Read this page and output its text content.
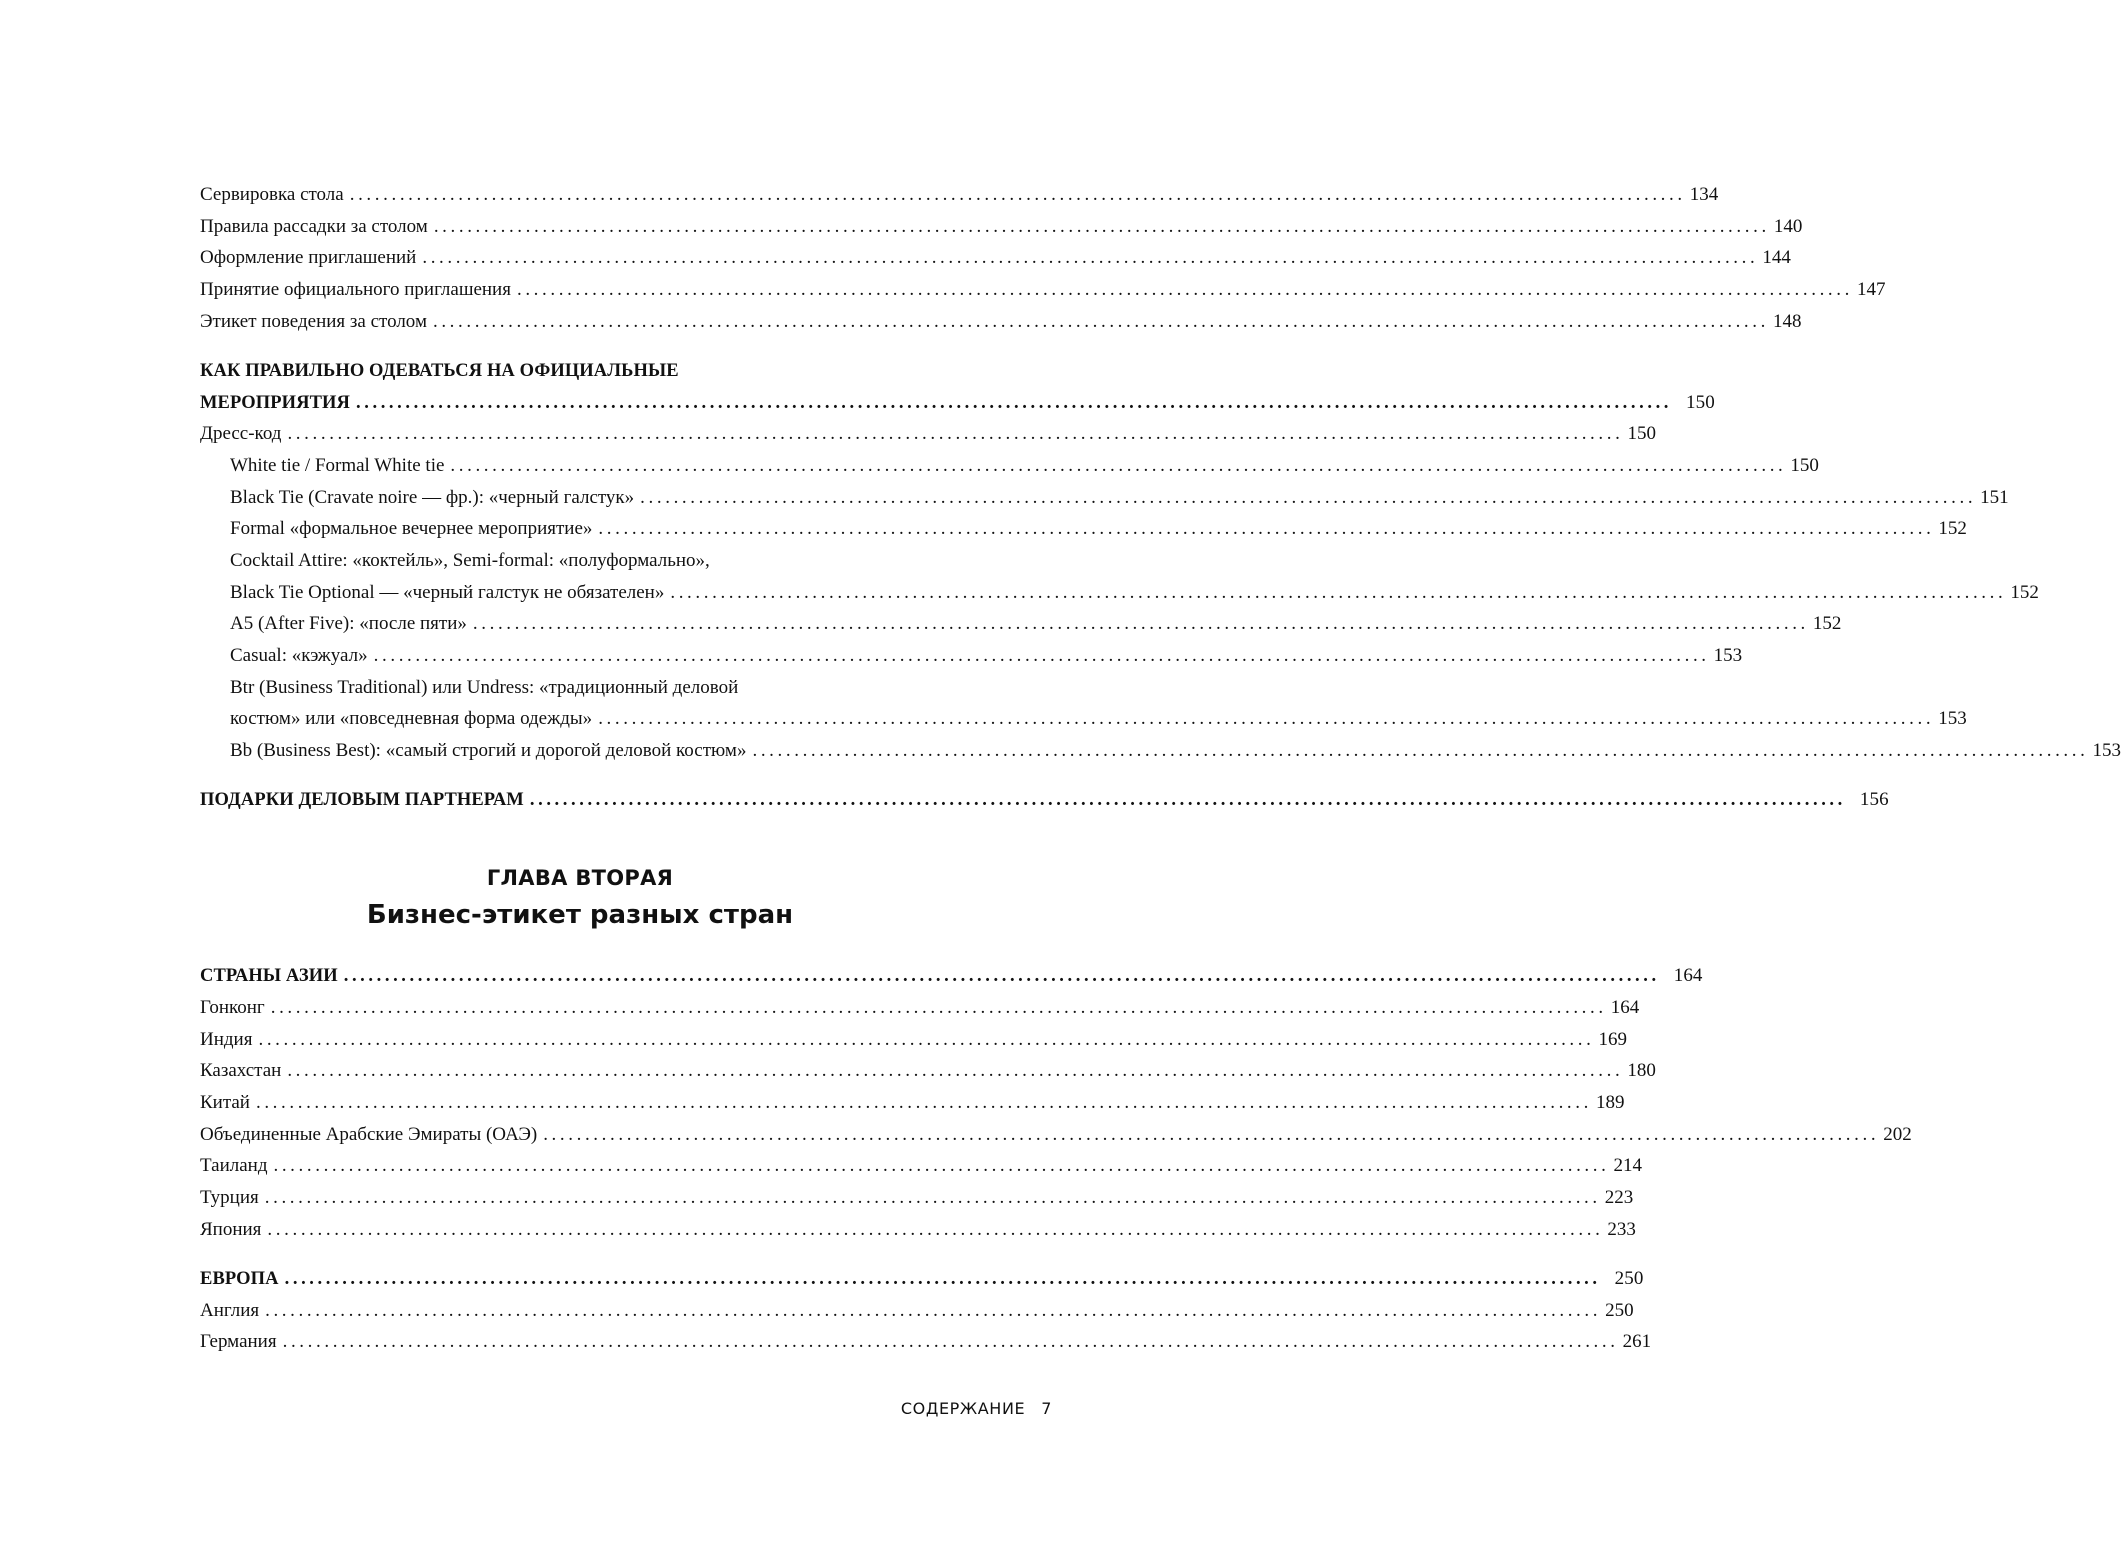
Сервировка стола ................................................................................................................................................................ 134
Правила рассадки за столом ................................................................................................................................................................ 140
Оформление приглашений ................................................................................................................................................................ 144
Принятие официального приглашения ................................................................................................................................................................ 147
Этикет поведения за столом ................................................................................................................................................................ 148
КАК ПРАВИЛЬНО ОДЕВАТЬСЯ НА ОФИЦИАЛЬНЫЕ
МЕРОПРИЯТИЯ ................................................................................................................................................................ 150
Дресс-код ................................................................................................................................................................ 150
White tie / Formal White tie ................................................................................................................................................................ 150
Black Tie (Cravate noire — фр.): «черный галстук» ................................................................................................................................................................ 151
Formal «формальное вечернее мероприятие» ................................................................................................................................................................ 152
Cocktail Attire: «коктейль», Semi-formal: «полуформально»,
Black Tie Optional — «черный галстук не обязателен» ................................................................................................................................................................ 152
A5 (After Five): «после пяти» ................................................................................................................................................................ 152
Casual: «кэжуал» ................................................................................................................................................................ 153
Btr (Business Traditional) или Undress: «традиционный деловой
костюм» или «повседневная форма одежды» ................................................................................................................................................................ 153
Bb (Business Best): «самый строгий и дорогой деловой костюм» ................................................................................................................................................................ 153
ПОДАРКИ ДЕЛОВЫМ ПАРТНЕРАМ ................................................................................................................................................................ 156
СТРАНЫ АЗИИ ................................................................................................................................................................ 164
Гонконг ................................................................................................................................................................ 164
Индия ................................................................................................................................................................ 169
Казахстан ................................................................................................................................................................ 180
Китай ................................................................................................................................................................ 189
Объединенные Арабские Эмираты (ОАЭ) ................................................................................................................................................................ 202
Таиланд ................................................................................................................................................................ 214
Турция ................................................................................................................................................................ 223
Япония ................................................................................................................................................................ 233
ЕВРОПА ................................................................................................................................................................ 250
Англия ................................................................................................................................................................ 250
Германия ................................................................................................................................................................ 261
ГЛАВА ВТОРАЯ
Бизнес-этикет разных стран
СОДЕРЖАНИЕ 7
